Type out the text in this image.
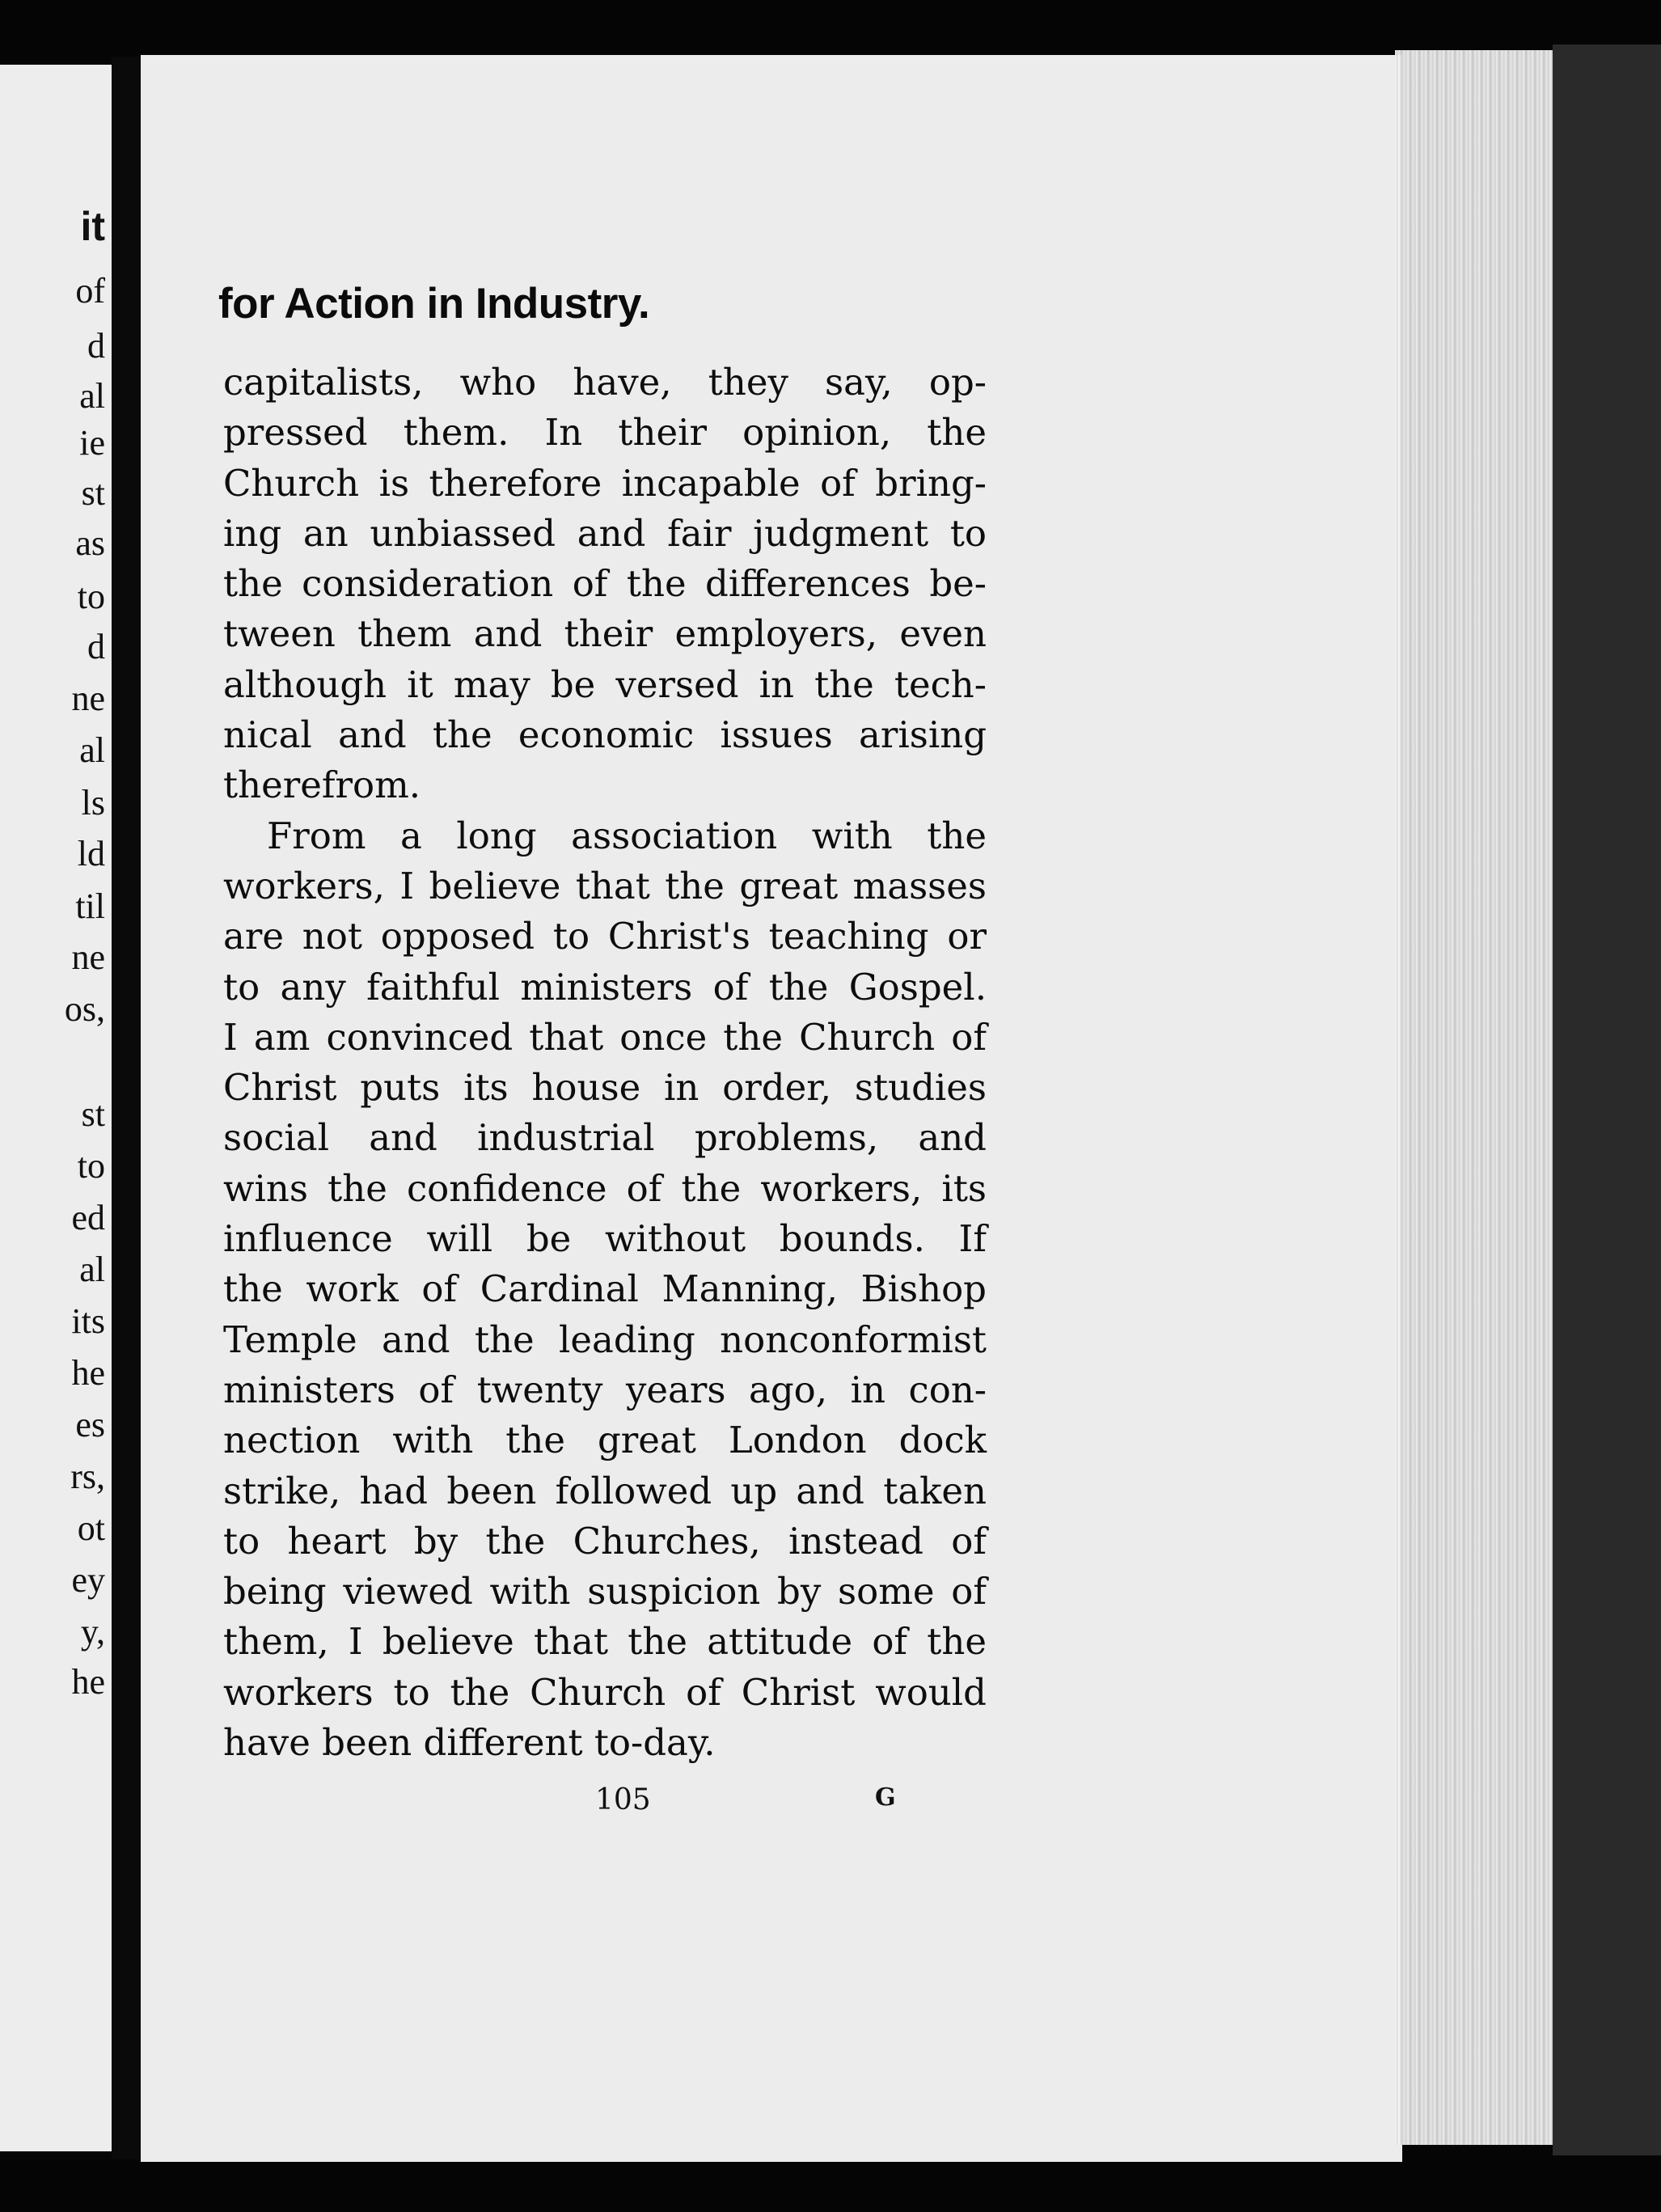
it
of
d
al
ie
st
as
to
d
ne
al
ls
ld
til
ne
os,
st
to
ed
al
its
he
es
rs,
ot
ey
y,
he
for Action in Industry.
capitalists, who have, they say, op-
pressed them. In their opinion, the
Church is therefore incapable of bring-
ing an unbiassed and fair judgment to
the consideration of the differences be-
tween them and their employers, even
although it may be versed in the tech-
nical and the economic issues arising
therefrom.
From a long association with the
workers, I believe that the great masses
are not opposed to Christ's teaching or
to any faithful ministers of the Gospel.
I am convinced that once the Church of
Christ puts its house in order, studies
social and industrial problems, and
wins the confidence of the workers, its
influence will be without bounds. If
the work of Cardinal Manning, Bishop
Temple and the leading nonconformist
ministers of twenty years ago, in con-
nection with the great London dock
strike, had been followed up and taken
to heart by the Churches, instead of
being viewed with suspicion by some of
them, I believe that the attitude of the
workers to the Church of Christ would
have been different to-day.
105	G
